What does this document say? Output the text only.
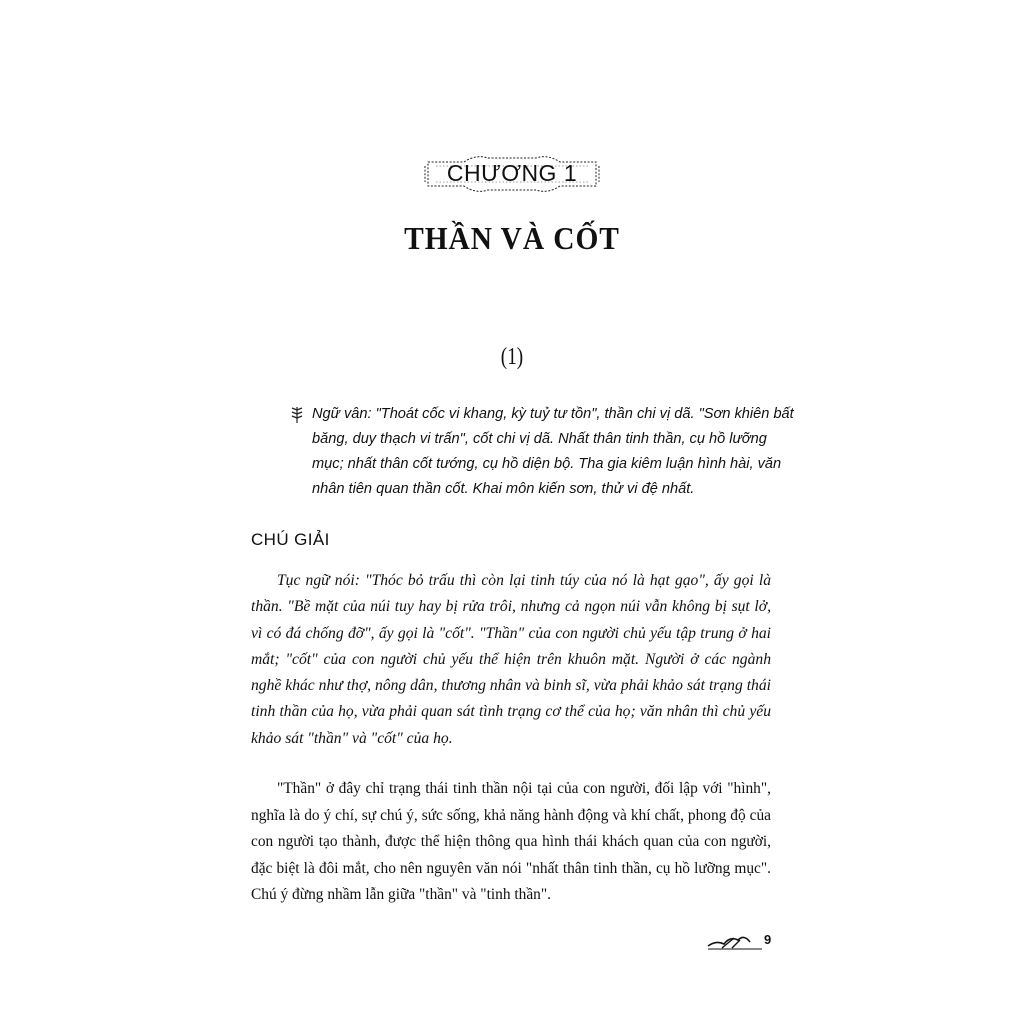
CHƯƠNG 1
THẦN VÀ CỐT
(1)
Ngữ vân: "Thoát cốc vi khang, kỳ tuỷ tư tồn", thần chi vị dã. "Sơn khiên bất băng, duy thạch vi trấn", cốt chi vị dã. Nhất thân tinh thần, cụ hồ lưỡng mục; nhất thân cốt tướng, cụ hồ diện bộ. Tha gia kiêm luận hình hài, văn nhân tiên quan thần cốt. Khai môn kiến sơn, thử vi đệ nhất.
CHÚ GIẢI

Tục ngữ nói: "Thóc bỏ trấu thì còn lại tinh túy của nó là hạt gạo", ấy gọi là thần. "Bề mặt của núi tuy hay bị rửa trôi, nhưng cả ngọn núi vẫn không bị sụt lở, vì có đá chống đỡ", ấy gọi là "cốt". "Thần" của con người chủ yếu tập trung ở hai mắt; "cốt" của con người chủ yếu thể hiện trên khuôn mặt. Người ở các ngành nghề khác như thợ, nông dân, thương nhân và binh sĩ, vừa phải khảo sát trạng thái tinh thần của họ, vừa phải quan sát tình trạng cơ thể của họ; văn nhân thì chủ yếu khảo sát "thần" và "cốt" của họ.

"Thần" ở đây chỉ trạng thái tinh thần nội tại của con người, đối lập với "hình", nghĩa là do ý chí, sự chú ý, sức sống, khả năng hành động và khí chất, phong độ của con người tạo thành, được thể hiện thông qua hình thái khách quan của con người, đặc biệt là đôi mắt, cho nên nguyên văn nói "nhất thân tinh thần, cụ hồ lưỡng mục". Chú ý đừng nhầm lẫn giữa "thần" và "tinh thần".

9
